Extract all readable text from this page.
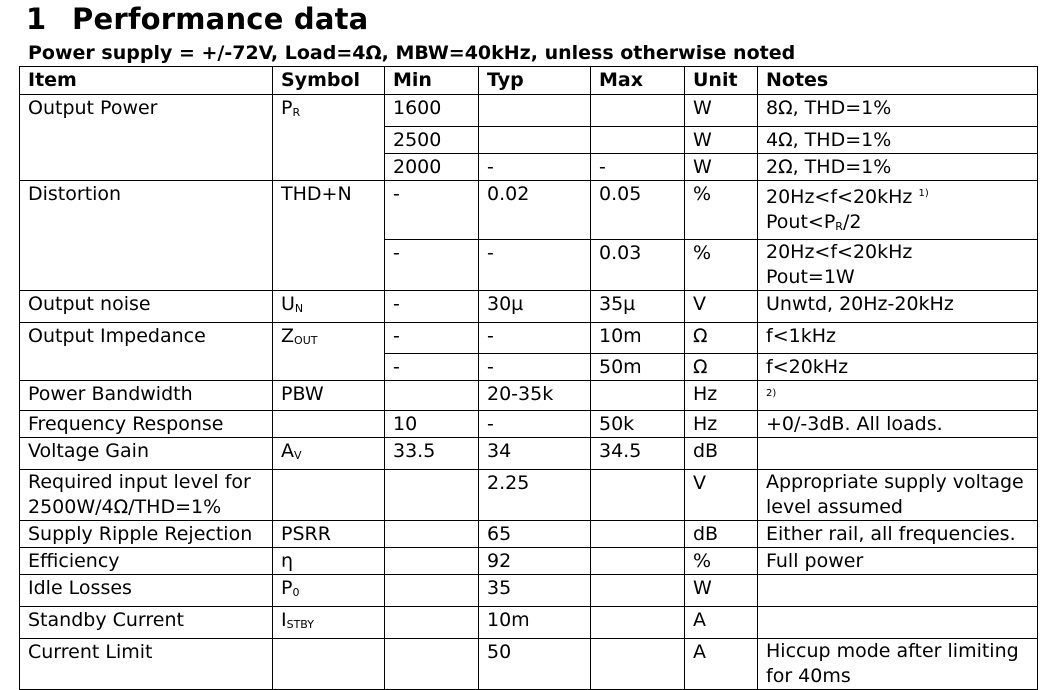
1 Performance data

Power supply = +/-72V, Load=4Ω, MBW=40kHz, unless otherwise noted

Item	Symbol	Min	Typ	Max	Unit	Notes
Output Power	PR	1600			W	8Ω, THD=1%
		2500			W	4Ω, THD=1%
		2000	-	-	W	2Ω, THD=1%
Distortion	THD+N	-	0.02	0.05	%	20Hz<f<20kHz $^{1)}$
Pout<PR/2
		-	-	0.03	%	20Hz<f<20kHz
Pout=1W
Output noise	UN	-	30µ	35µ	V	Unwtd, 20Hz-20kHz
Output Impedance	ZOUT	-	-	10m	Ω	f<1kHz
		-	-	50m	Ω	f<20kHz
Power Bandwidth	PBW		20-35k		Hz	$^{2)}$
Frequency Response		10	-	50k	Hz	+0/-3dB. All loads.
Voltage Gain	AV	33.5	34	34.5	dB	
Required input level for 2500W/4Ω/THD=1%			2.25		V	Appropriate supply voltage level assumed
Supply Ripple Rejection	PSRR		65		dB	Either rail, all frequencies.
Efficiency	η		92		%	Full power
Idle Losses	P0		35		W	
Standby Current	ISTBY		10m		A	
Current Limit			50		A	Hiccup mode after limiting for 40ms
